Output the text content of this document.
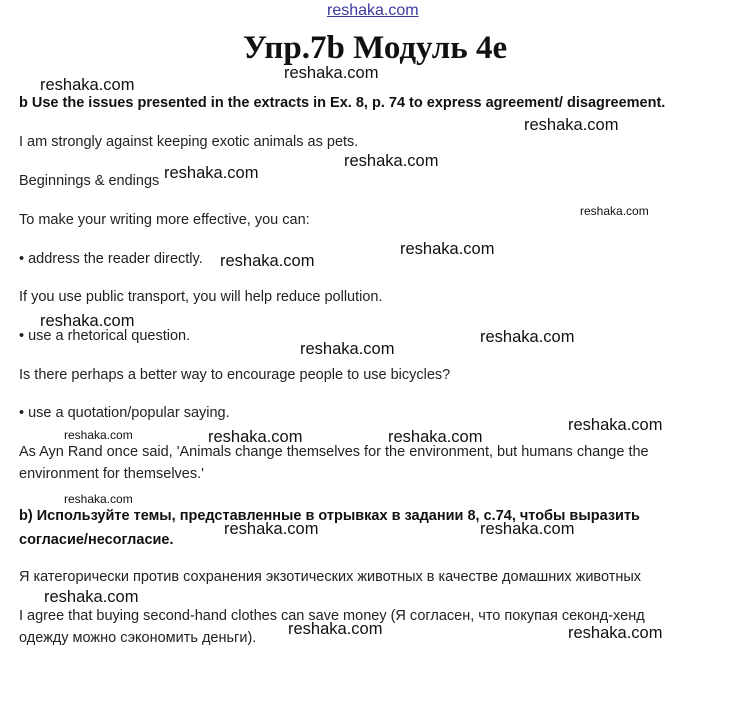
reshaka.com
Упр.7b Модуль 4e
b Use the issues presented in the extracts in Ex. 8, p. 74 to express agreement/ disagreement.
I am strongly against keeping exotic animals as pets.
Beginnings & endings
To make your writing more effective, you can:
• address the reader directly.
If you use public transport, you will help reduce pollution.
• use a rhetorical question.
Is there perhaps a better way to encourage people to use bicycles?
• use a quotation/popular saying.
As Ayn Rand once said, 'Animals change themselves for the environment, but humans change the environment for themselves.'
b) Используйте темы, представленные в отрывках в задании 8, с.74, чтобы выразить согласие/несогласие.
Я категорически против сохранения экзотических животных в качестве домашних животных
I agree that buying second-hand clothes can save money (Я согласен, что покупая секонд-хенд одежду можно сэкономить деньги).
reshaka.com
reshaka.com
reshaka.com
reshaka.com
reshaka.com
reshaka.com
reshaka.com
reshaka.com
reshaka.com
reshaka.com
reshaka.com
reshaka.com
reshaka.com	reshaka.com	reshaka.com
reshaka.com
reshaka.com	reshaka.com
reshaka.com
reshaka.com	reshaka.com
